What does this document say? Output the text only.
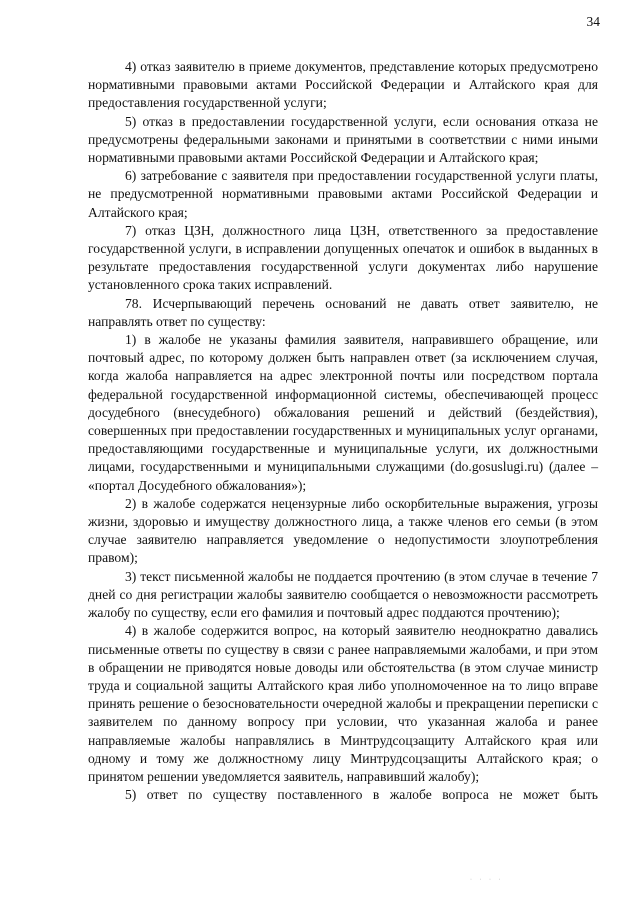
34

4) отказ заявителю в приеме документов, представление которых предусмотрено нормативными правовыми актами Российской Федерации и Алтайского края для предоставления государственной услуги;

5) отказ в предоставлении государственной услуги, если основания отказа не предусмотрены федеральными законами и принятыми в соответствии с ними иными нормативными правовыми актами Российской Федерации и Алтайского края;

6) затребование с заявителя при предоставлении государственной услуги платы, не предусмотренной нормативными правовыми актами Российской Федерации и Алтайского края;

7) отказ ЦЗН, должностного лица ЦЗН, ответственного за предоставление государственной услуги, в исправлении допущенных опечаток и ошибок в выданных в результате предоставления государственной услуги документах либо нарушение установленного срока таких исправлений.

78. Исчерпывающий перечень оснований не давать ответ заявителю, не направлять ответ по существу:

1) в жалобе не указаны фамилия заявителя, направившего обращение, или почтовый адрес, по которому должен быть направлен ответ (за исключением случая, когда жалоба направляется на адрес электронной почты или посредством портала федеральной государственной информационной системы, обеспечивающей процесс досудебного (внесудебного) обжалования решений и действий (бездействия), совершенных при предоставлении государственных и муниципальных услуг органами, предоставляющими государственные и муниципальные услуги, их должностными лицами, государственными и муниципальными служащими (do.gosuslugi.ru) (далее – «портал Досудебного обжалования»);

2) в жалобе содержатся нецензурные либо оскорбительные выражения, угрозы жизни, здоровью и имуществу должностного лица, а также членов его семьи (в этом случае заявителю направляется уведомление о недопустимости злоупотребления правом);

3) текст письменной жалобы не поддается прочтению (в этом случае в течение 7 дней со дня регистрации жалобы заявителю сообщается о невозможности рассмотреть жалобу по существу, если его фамилия и почтовый адрес поддаются прочтению);

4) в жалобе содержится вопрос, на который заявителю неоднократно давались письменные ответы по существу в связи с ранее направляемыми жалобами, и при этом в обращении не приводятся новые доводы или обстоятельства (в этом случае министр труда и социальной защиты Алтайского края либо уполномоченное на то лицо вправе принять решение о безосновательности очередной жалобы и прекращении переписки с заявителем по данному вопросу при условии, что указанная жалоба и ранее направляемые жалобы направлялись в Минтрудсоцзащиту Алтайского края или одному и тому же должностному лицу Минтрудсоцзащиты Алтайского края; о принятом решении уведомляется заявитель, направивший жалобу);

5) ответ по существу поставленного в жалобе вопроса не может быть

· · · ·
